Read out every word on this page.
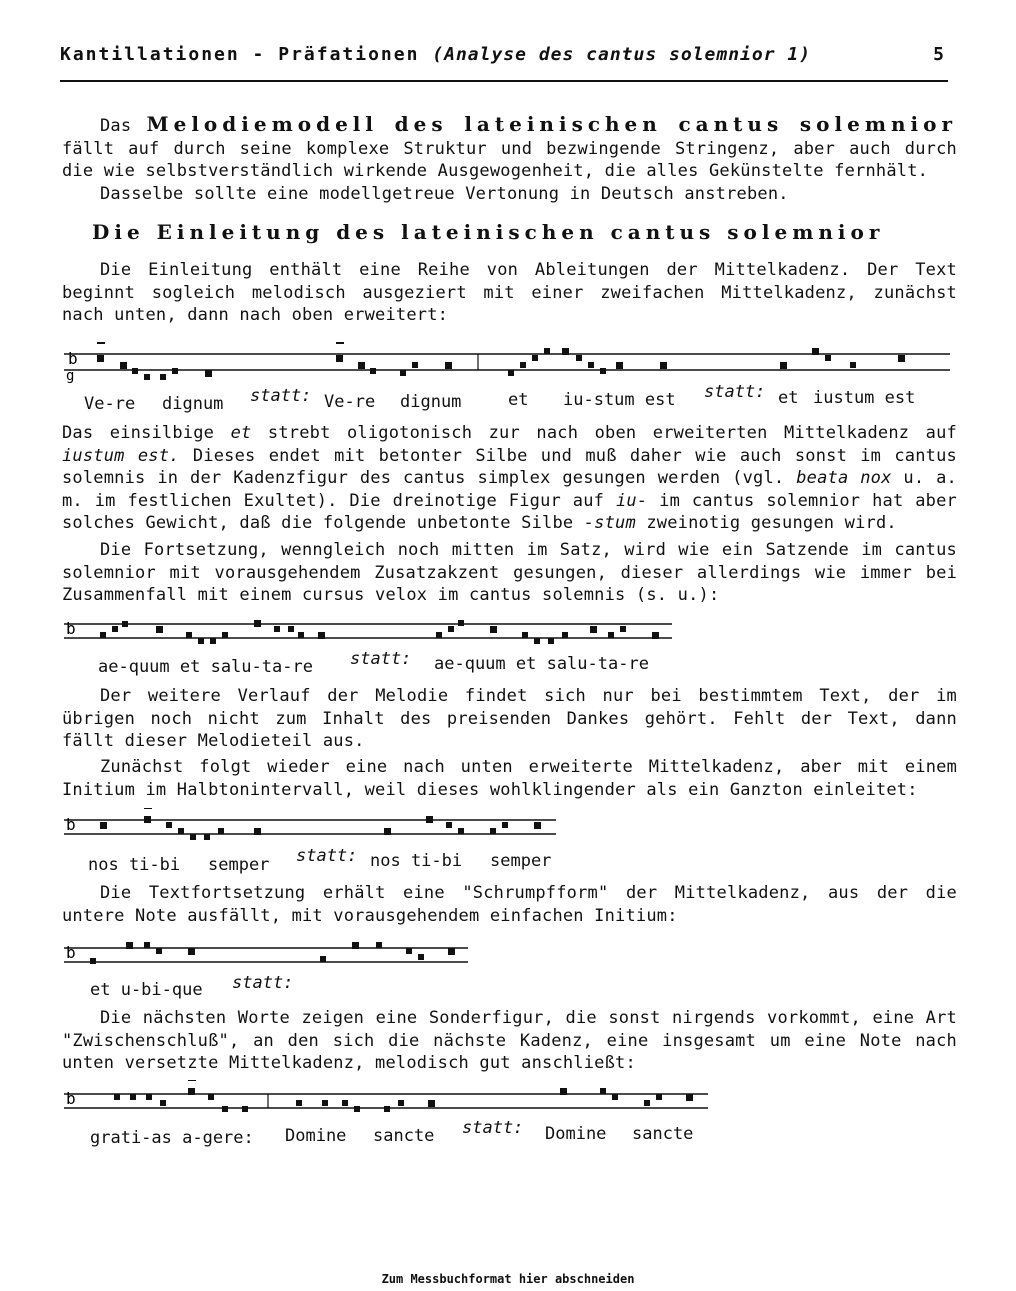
Kantillationen - Präfationen (Analyse des cantus solemnior 1)	5

Das Melodiemodell des lateinischen cantus solemnior fällt auf durch seine komplexe Struktur und bezwingende Stringenz, aber auch durch die wie selbstverständlich wirkende Ausgewogenheit, die alles Gekünstelte fernhält.

Dasselbe sollte eine modellgetreue Vertonung in Deutsch anstreben.

Die Einleitung des lateinischen cantus solemnior
Die Einleitung enthält eine Reihe von Ableitungen der Mittelkadenz. Der Text beginnt sogleich melodisch ausgeziert mit einer zweifachen Mittelkadenz, zunächst nach unten, dann nach oben erweitert:
b
g
Ve-re dignum statt: Ve-re dignum	et iu-stum est statt: et iustum est
Das einsilbige et strebt oligotonisch zur nach oben erweiterten Mittelkadenz auf iustum est. Dieses endet mit betonter Silbe und muß daher wie auch sonst im cantus solemnis in der Kadenzfigur des cantus simplex gesungen werden (vgl. beata nox u. a. m. im festlichen Exultet). Die dreinotige Figur auf iu- im cantus solemnior hat aber solches Gewicht, daß die folgende unbetonte Silbe -stum zweinotig gesungen wird.
Die Fortsetzung, wenngleich noch mitten im Satz, wird wie ein Satzende im cantus solemnior mit vorausgehendem Zusatzakzent gesungen, dieser allerdings wie immer bei Zusammenfall mit einem cursus velox im cantus solemnis (s. u.):
b
ae-quum et salu-ta-re statt: ae-quum et salu-ta-re
Der weitere Verlauf der Melodie findet sich nur bei bestimmtem Text, der im übrigen noch nicht zum Inhalt des preisenden Dankes gehört. Fehlt der Text, dann fällt dieser Melodieteil aus.
Zunächst folgt wieder eine nach unten erweiterte Mittelkadenz, aber mit einem Initium im Halbtonintervall, weil dieses wohlklingender als ein Ganzton einleitet:
b
nos ti-bi semper statt: nos ti-bi semper
Die Textfortsetzung erhält eine "Schrumpfform" der Mittelkadenz, aus der die untere Note ausfällt, mit vorausgehendem einfachen Initium:
b
et u-bi-que statt:
Die nächsten Worte zeigen eine Sonderfigur, die sonst nirgends vorkommt, eine Art "Zwischenschluß", an den sich die nächste Kadenz, eine insgesamt um eine Note nach unten versetzte Mittelkadenz, melodisch gut anschließt:
b
grati-as a-gere: Domine sancte statt: Domine sancte
Zum Messbuchformat hier abschneiden
